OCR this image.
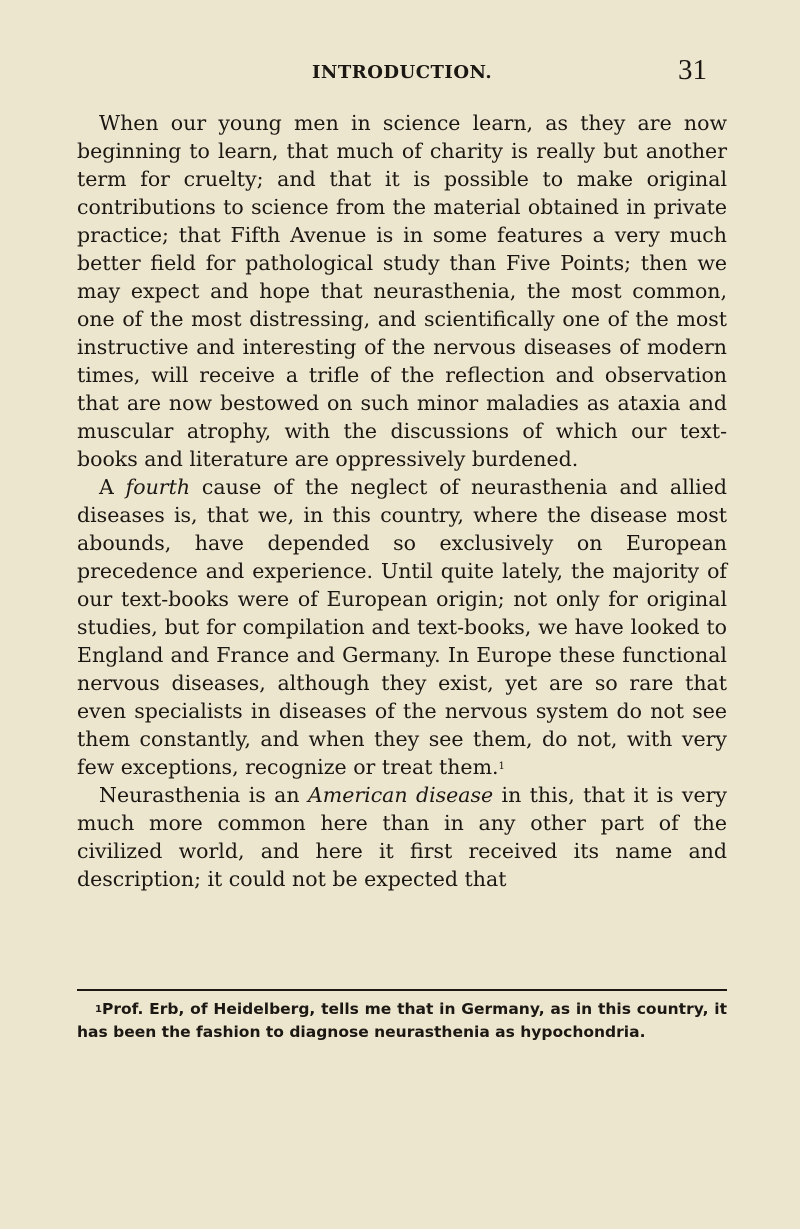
INTRODUCTION.	31

When our young men in science learn, as they are now beginning to learn, that much of charity is really but another term for cruelty; and that it is possible to make original contributions to science from the material obtained in private practice; that Fifth Avenue is in some features a very much better field for pathological study than Five Points; then we may expect and hope that neurasthenia, the most common, one of the most distressing, and scientifically one of the most instructive and interesting of the nervous diseases of modern times, will receive a trifle of the reflection and observation that are now bestowed on such minor maladies as ataxia and muscular atrophy, with the discussions of which our text-books and literature are oppressively burdened.

A fourth cause of the neglect of neurasthenia and allied diseases is, that we, in this country, where the disease most abounds, have depended so exclusively on European precedence and experience. Until quite lately, the majority of our text-books were of European origin; not only for original studies, but for compilation and text-books, we have looked to England and France and Germany. In Europe these functional nervous diseases, although they exist, yet are so rare that even specialists in diseases of the nervous system do not see them constantly, and when they see them, do not, with very few exceptions, recognize or treat them.$^1$

Neurasthenia is an American disease in this, that it is very much more common here than in any other part of the civilized world, and here it first received its name and description; it could not be expected that

$^1$Prof. Erb, of Heidelberg, tells me that in Germany, as in this country, it has been the fashion to diagnose neurasthenia as hypochondria.
